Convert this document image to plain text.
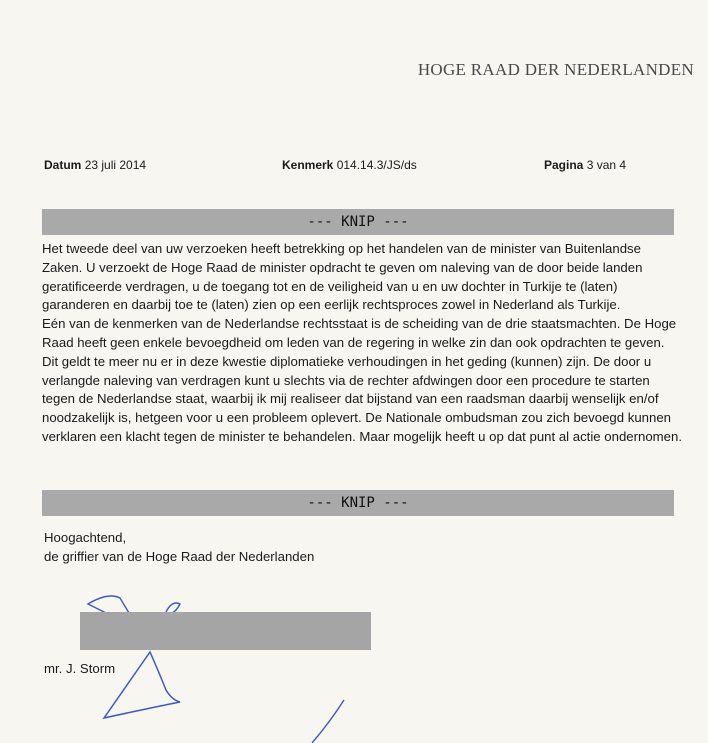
HOGE RAAD DER NEDERLANDEN
Datum 23 juli 2014	Kenmerk 014.14.3/JS/ds	Pagina 3 van 4
--- KNIP ---

Het tweede deel van uw verzoeken heeft betrekking op het handelen van de minister van Buitenlandse Zaken. U verzoekt de Hoge Raad de minister opdracht te geven om naleving van de door beide landen geratificeerde verdragen, u de toegang tot en de veiligheid van u en uw dochter in Turkije te (laten) garanderen en daarbij toe te (laten) zien op een eerlijk rechtsproces zowel in Nederland als Turkije.

Eén van de kenmerken van de Nederlandse rechtsstaat is de scheiding van de drie staatsmachten. De Hoge Raad heeft geen enkele bevoegdheid om leden van de regering in welke zin dan ook opdrachten te geven. Dit geldt te meer nu er in deze kwestie diplomatieke verhoudingen in het geding (kunnen) zijn. De door u verlangde naleving van verdragen kunt u slechts via de rechter afdwingen door een procedure te starten tegen de Nederlandse staat, waarbij ik mij realiseer dat bijstand van een raadsman daarbij wenselijk en/of noodzakelijk is, hetgeen voor u een probleem oplevert. De Nationale ombudsman zou zich bevoegd kunnen verklaren een klacht tegen de minister te behandelen. Maar mogelijk heeft u op dat punt al actie ondernomen.

--- KNIP ---
Hoogachtend,
de griffier van de Hoge Raad der Nederlanden
mr. J. Storm
